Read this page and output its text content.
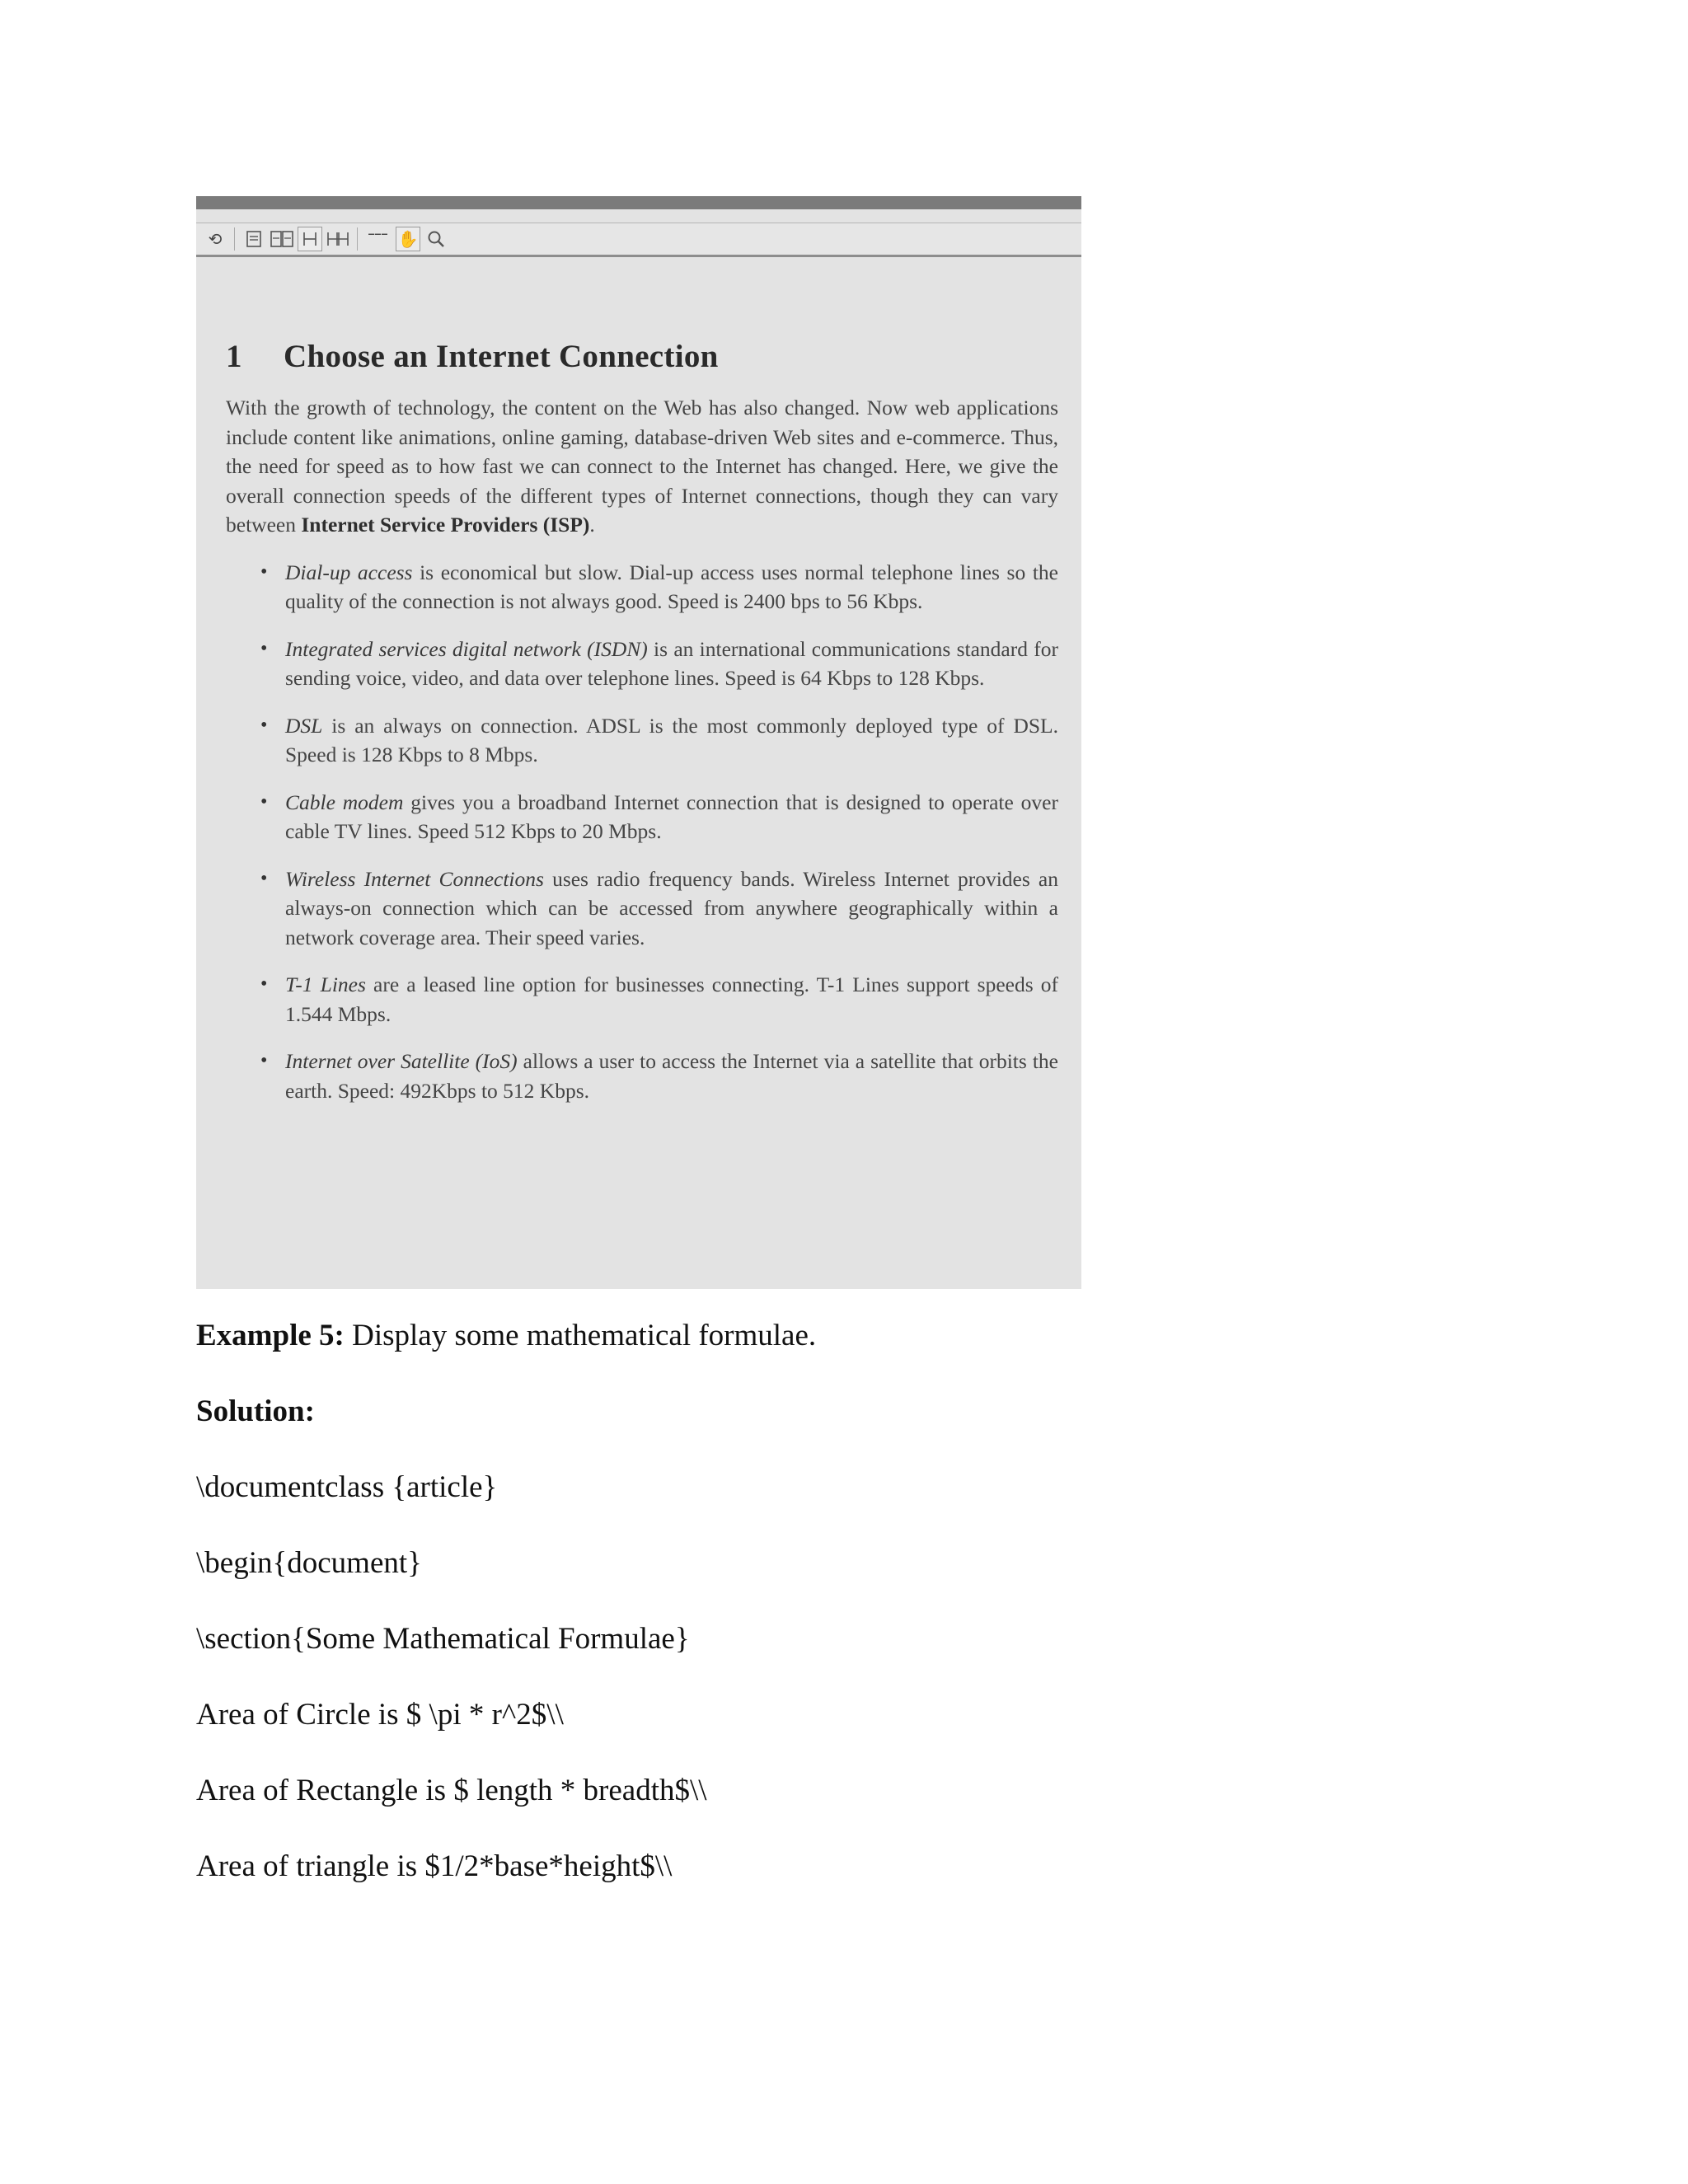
⟲	▔▔▔ ✋
1 Choose an Internet Connection

With the growth of technology, the content on the Web has also changed. Now web applications include content like animations, online gaming, database-driven Web sites and e-commerce. Thus, the need for speed as to how fast we can connect to the Internet has changed. Here, we give the overall connection speeds of the different types of Internet connections, though they can vary between Internet Service Providers (ISP).

• Dial-up access is economical but slow. Dial-up access uses normal telephone lines so the quality of the connection is not always good. Speed is 2400 bps to 56 Kbps.
• Integrated services digital network (ISDN) is an international communications standard for sending voice, video, and data over telephone lines. Speed is 64 Kbps to 128 Kbps.
• DSL is an always on connection. ADSL is the most commonly deployed type of DSL. Speed is 128 Kbps to 8 Mbps.
• Cable modem gives you a broadband Internet connection that is designed to operate over cable TV lines. Speed 512 Kbps to 20 Mbps.
• Wireless Internet Connections uses radio frequency bands. Wireless Internet provides an always-on connection which can be accessed from anywhere geographically within a network coverage area. Their speed varies.
• T-1 Lines are a leased line option for businesses connecting. T-1 Lines support speeds of 1.544 Mbps.
• Internet over Satellite (IoS) allows a user to access the Internet via a satellite that orbits the earth. Speed: 492Kbps to 512 Kbps.

Example 5: Display some mathematical formulae.

Solution:

\documentclass {article}

\begin{document}

\section{Some Mathematical Formulae}

Area of Circle is $ \pi * r^2$\\

Area of Rectangle is $ length * breadth$\\

Area of triangle is $1/2*base*height$\\
